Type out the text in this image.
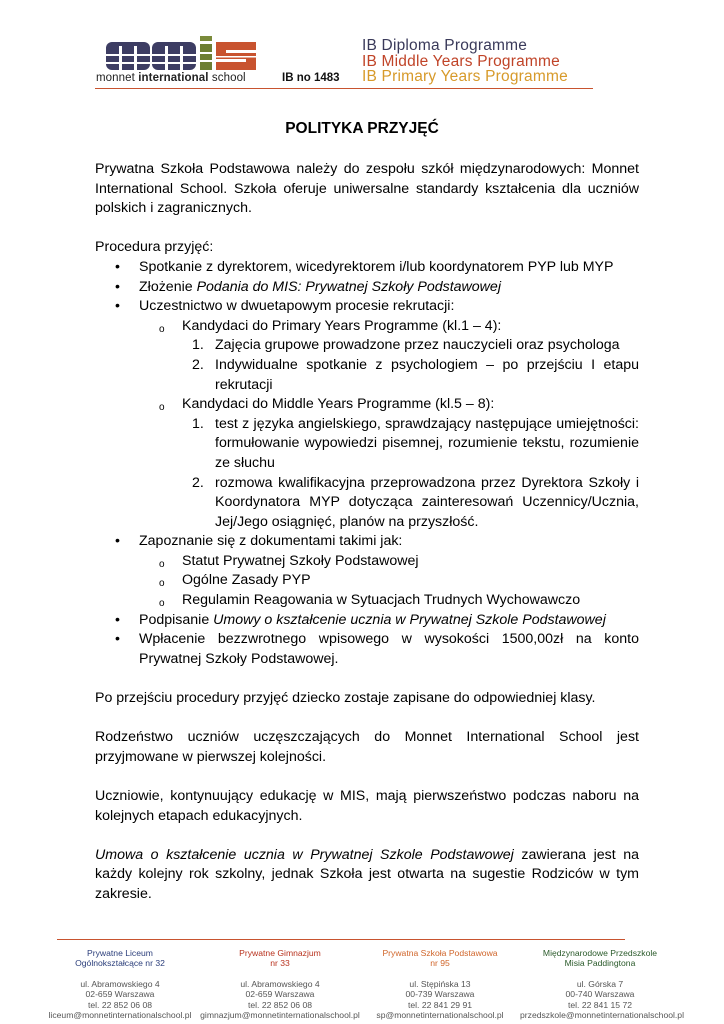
monnet international school	IB no 1483
IB Diploma Programme
IB Middle Years Programme
IB Primary Years Programme
POLITYKA PRZYJĘĆ

Prywatna Szkoła Podstawowa należy do zespołu szkół międzynarodowych: Monnet International School. Szkoła oferuje uniwersalne standardy kształcenia dla uczniów polskich i zagranicznych.

Procedura przyjęć:

• Spotkanie z dyrektorem, wicedyrektorem i/lub koordynatorem PYP lub MYP
• Złożenie Podania do MIS: Prywatnej Szkoły Podstawowej
• Uczestnictwo w dwuetapowym procesie rekrutacji:
o Kandydaci do Primary Years Programme (kl.1 – 4):
1. Zajęcia grupowe prowadzone przez nauczycieli oraz psychologa
2. Indywidualne spotkanie z psychologiem – po przejściu I etapu rekrutacji
o Kandydaci do Middle Years Programme (kl.5 – 8):
1. test z języka angielskiego, sprawdzający następujące umiejętności: formułowanie wypowiedzi pisemnej, rozumienie tekstu, rozumienie ze słuchu
2. rozmowa kwalifikacyjna przeprowadzona przez Dyrektora Szkoły i Koordynatora MYP dotycząca zainteresowań Uczennicy/Ucznia, Jej/Jego osiągnięć, planów na przyszłość.
• Zapoznanie się z dokumentami takimi jak:
o Statut Prywatnej Szkoły Podstawowej
o Ogólne Zasady PYP
o Regulamin Reagowania w Sytuacjach Trudnych Wychowawczo
• Podpisanie Umowy o kształcenie ucznia w Prywatnej Szkole Podstawowej
• Wpłacenie bezzwrotnego wpisowego w wysokości 1500,00zł na konto Prywatnej Szkoły Podstawowej.

Po przejściu procedury przyjęć dziecko zostaje zapisane do odpowiedniej klasy.

Rodzeństwo uczniów uczęszczających do Monnet International School jest przyjmowane w pierwszej kolejności.

Uczniowie, kontynuujący edukację w MIS, mają pierwszeństwo podczas naboru na kolejnych etapach edukacyjnych.

Umowa o kształcenie ucznia w Prywatnej Szkole Podstawowej zawierana jest na każdy kolejny rok szkolny, jednak Szkoła jest otwarta na sugestie Rodziców w tym zakresie.

Prywatne Liceum
Ogólnokształcące nr 32
ul. Abramowskiego 4
02-659 Warszawa
tel. 22 852 06 08
liceum@monnetinternationalschool.pl
Prywatne Gimnazjum
nr 33
ul. Abramowskiego 4
02-659 Warszawa
tel. 22 852 06 08
gimnazjum@monnetinternationalschool.pl
Prywatna Szkoła Podstawowa
nr 95
ul. Stępińska 13
00-739 Warszawa
tel. 22 841 29 91
sp@monnetinternationalschool.pl
Międzynarodowe Przedszkole
Misia Paddingtona
ul. Górska 7
00-740 Warszawa
tel. 22 841 15 72
przedszkole@monnetinternationalschool.pl
